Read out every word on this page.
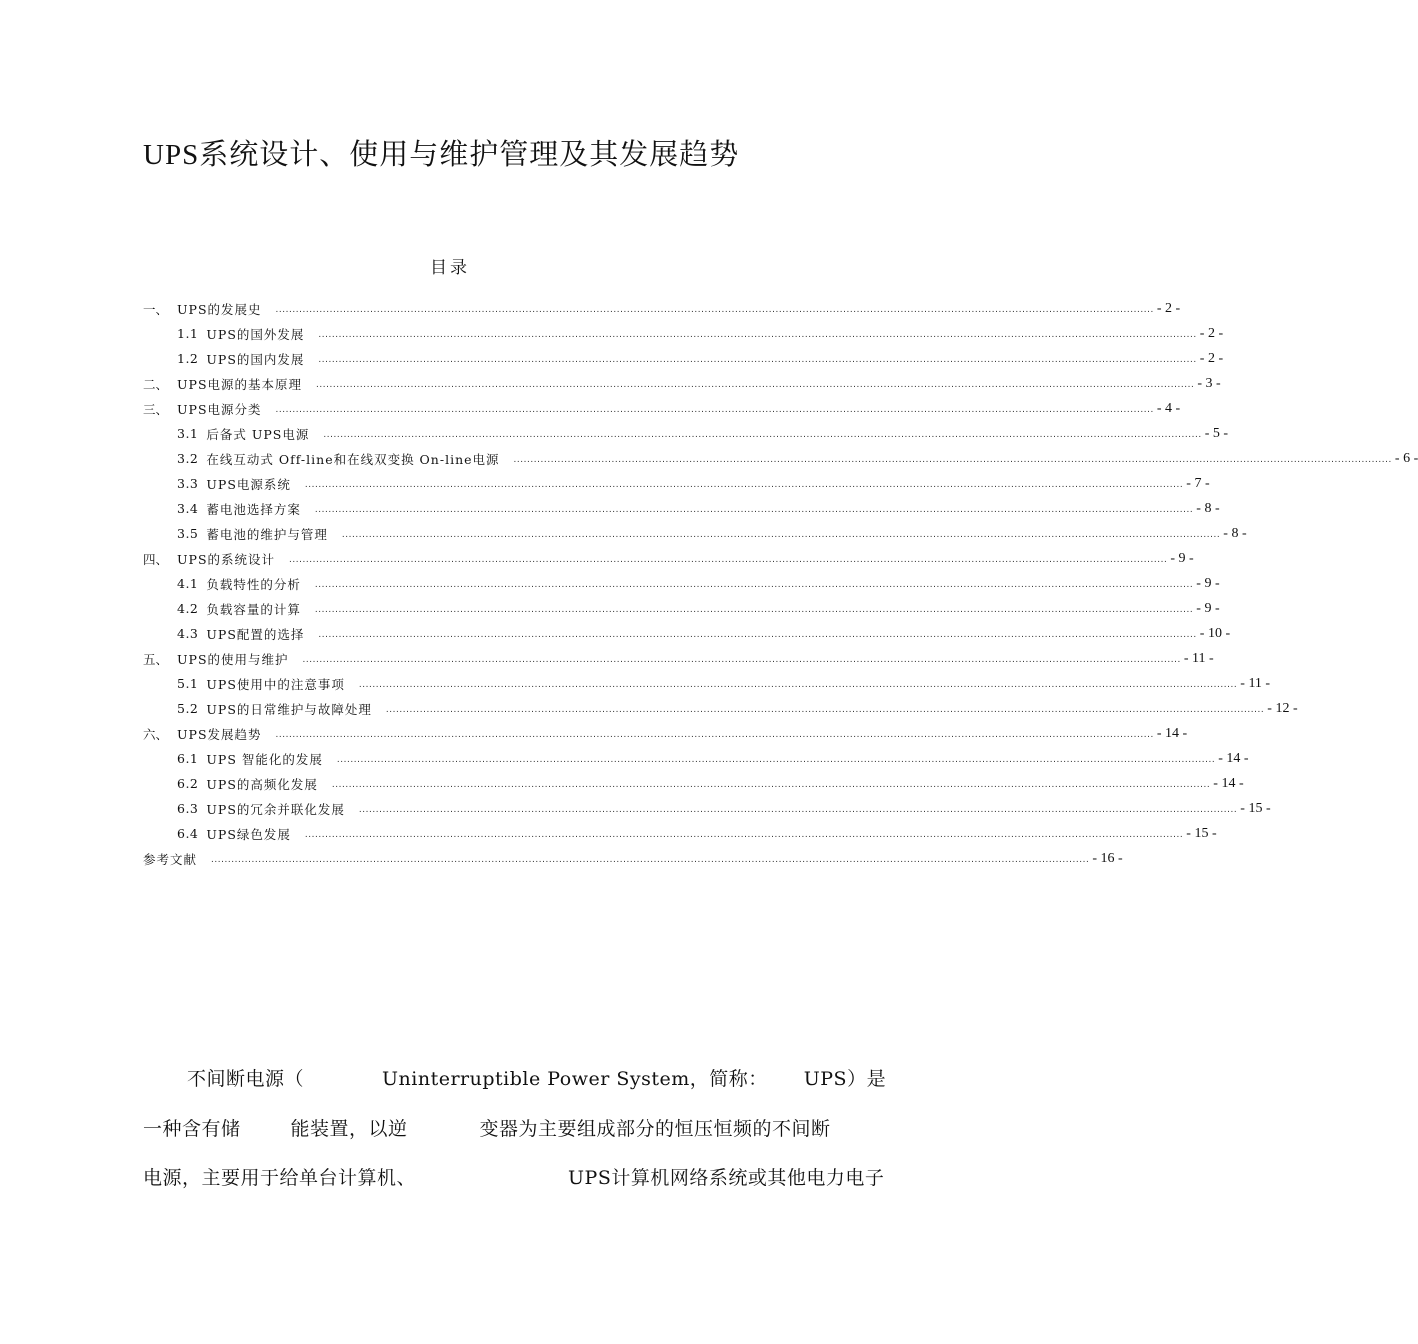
UPS系统设计、使用与维护管理及其发展趋势
目录
一、 UPS的发展史 .................................................................................................................................................................................................................................................................... - 2 -
1.1 UPS的国外发展 .................................................................................................................................................................................................................................................................... - 2 -
1.2 UPS的国内发展 .................................................................................................................................................................................................................................................................... - 2 -
二、 UPS电源的基本原理 .................................................................................................................................................................................................................................................................... - 3 -
三、 UPS电源分类 .................................................................................................................................................................................................................................................................... - 4 -
3.1 后备式 UPS电源 .................................................................................................................................................................................................................................................................... - 5 -
3.2 在线互动式 Off-line和在线双变换 On-line电源 .................................................................................................................................................................................................................................................................... - 6 -
3.3 UPS电源系统 .................................................................................................................................................................................................................................................................... - 7 -
3.4 蓄电池选择方案 .................................................................................................................................................................................................................................................................... - 8 -
3.5 蓄电池的维护与管理 .................................................................................................................................................................................................................................................................... - 8 -
四、 UPS的系统设计 .................................................................................................................................................................................................................................................................... - 9 -
4.1 负载特性的分析 .................................................................................................................................................................................................................................................................... - 9 -
4.2 负载容量的计算 .................................................................................................................................................................................................................................................................... - 9 -
4.3 UPS配置的选择 .................................................................................................................................................................................................................................................................... - 10 -
五、 UPS的使用与维护 .................................................................................................................................................................................................................................................................... - 11 -
5.1 UPS使用中的注意事项 .................................................................................................................................................................................................................................................................... - 11 -
5.2 UPS的日常维护与故障处理 .................................................................................................................................................................................................................................................................... - 12 -
六、 UPS发展趋势 .................................................................................................................................................................................................................................................................... - 14 -
6.1 UPS 智能化的发展 .................................................................................................................................................................................................................................................................... - 14 -
6.2 UPS的高频化发展 .................................................................................................................................................................................................................................................................... - 14 -
6.3 UPS的冗余并联化发展 .................................................................................................................................................................................................................................................................... - 15 -
6.4 UPS绿色发展 .................................................................................................................................................................................................................................................................... - 15 -
参考文献 .................................................................................................................................................................................................................................................................... - 16 -
不间断电源（	Uninterruptible Power System，简称： UPS）是
一种含有储	能装置，以逆	变器为主要组成部分的恒压恒频的不间断
电源，主要用于给单台计算机、	UPS计算机网络系统或其他电力电子
